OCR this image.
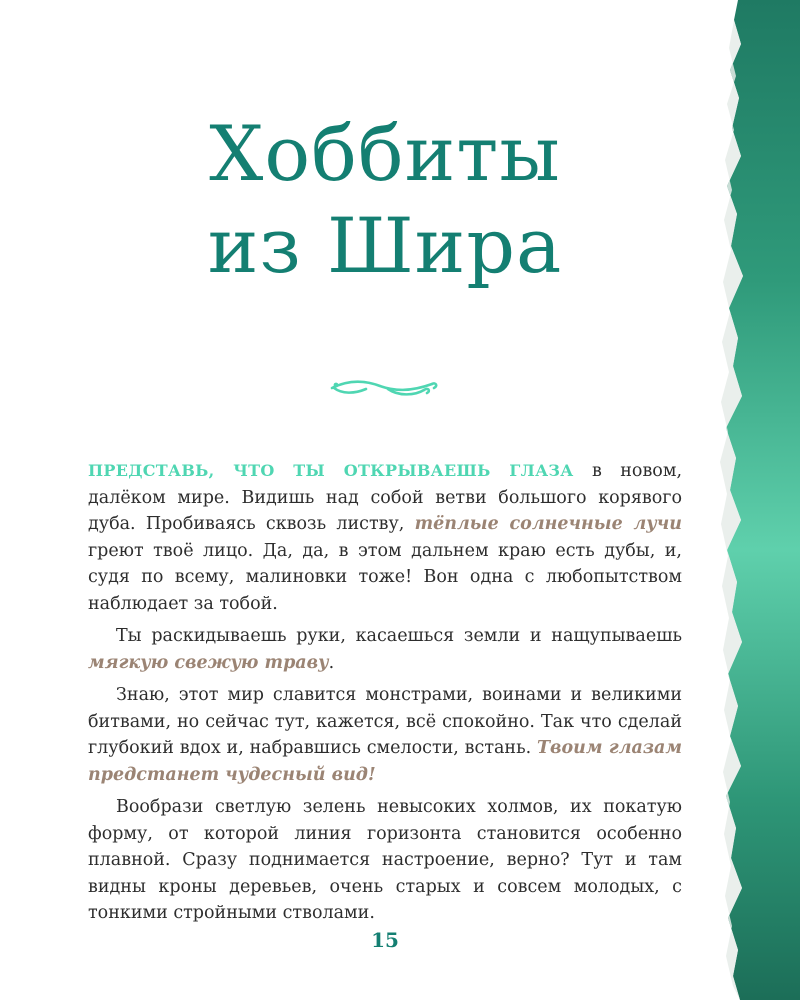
Хоббиты
из Шира

ПРЕДСТАВЬ, ЧТО ТЫ ОТКРЫВАЕШЬ ГЛАЗА в новом, далёком мире. Видишь над собой ветви большого корявого дуба. Пробиваясь сквозь листву, тёплые солнечные лучи греют твоё лицо. Да, да, в этом дальнем краю есть дубы, и, судя по всему, малиновки тоже! Вон одна с любопытством наблюдает за тобой.

Ты раскидываешь руки, касаешься земли и нащупываешь мягкую свежую траву.

Знаю, этот мир славится монстрами, воинами и великими битвами, но сейчас тут, кажется, всё спокойно. Так что сделай глубокий вдох и, набравшись смелости, встань. Твоим глазам предстанет чудесный вид!

Вообрази светлую зелень невысоких холмов, их покатую форму, от которой линия горизонта становится особенно плавной. Сразу поднимается настроение, верно? Тут и там видны кроны деревьев, очень старых и совсем молодых, с тонкими стройными стволами.

15
